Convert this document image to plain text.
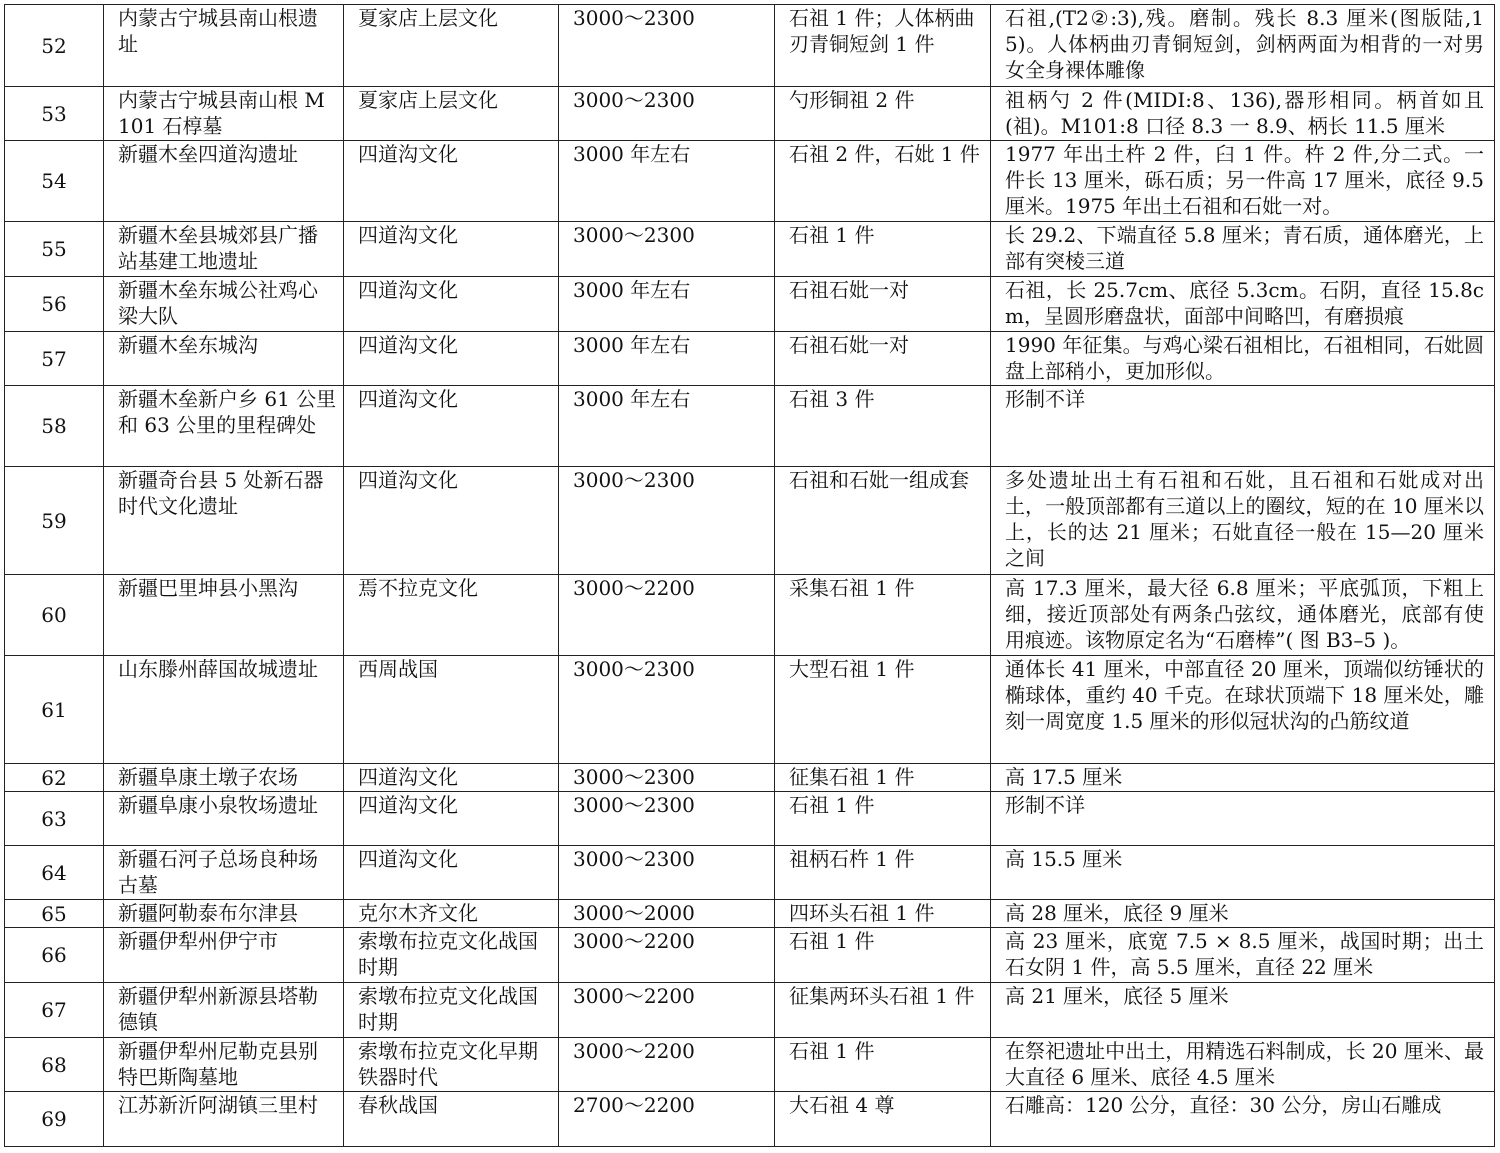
52	内蒙古宁城县南山根遗址	夏家店上层文化	3000～2300	石祖 1 件；人体柄曲刃青铜短剑 1 件	石祖,(T2②:3),残。磨制。残长 8.3 厘米(图版陆,15)。人体柄曲刃青铜短剑，剑柄两面为相背的一对男女全身裸体雕像
53	内蒙古宁城县南山根 M101 石椁墓	夏家店上层文化	3000～2300	勺形铜祖 2 件	祖柄勺 2 件(MIDI:8、136),器形相同。柄首如且(祖)。M101:8 口径 8.3 一 8.9、柄长 11.5 厘米
54	新疆木垒四道沟遗址	四道沟文化	3000 年左右	石祖 2 件，石妣 1 件	1977 年出土杵 2 件，臼 1 件。杵 2 件,分二式。一件长 13 厘米，砾石质；另一件高 17 厘米，底径 9.5 厘米。1975 年出土石祖和石妣一对。
55	新疆木垒县城郊县广播站基建工地遗址	四道沟文化	3000～2300	石祖 1 件	长 29.2、下端直径 5.8 厘米；青石质，通体磨光，上部有突棱三道
56	新疆木垒东城公社鸡心梁大队	四道沟文化	3000 年左右	石祖石妣一对	石祖，长 25.7cm、底径 5.3cm。石阴，直径 15.8cm，呈圆形磨盘状，面部中间略凹，有磨损痕
57	新疆木垒东城沟	四道沟文化	3000 年左右	石祖石妣一对	1990 年征集。与鸡心梁石祖相比，石祖相同，石妣圆盘上部稍小，更加形似。
58	新疆木垒新户乡 61 公里和 63 公里的里程碑处	四道沟文化	3000 年左右	石祖 3 件	形制不详
59	新疆奇台县 5 处新石器时代文化遗址	四道沟文化	3000～2300	石祖和石妣一组成套	多处遗址出土有石祖和石妣，且石祖和石妣成对出土，一般顶部都有三道以上的圈纹，短的在 10 厘米以上，长的达 21 厘米；石妣直径一般在 15—20 厘米之间
60	新疆巴里坤县小黑沟	焉不拉克文化	3000～2200	采集石祖 1 件	高 17.3 厘米，最大径 6.8 厘米；平底弧顶，下粗上细，接近顶部处有两条凸弦纹，通体磨光，底部有使用痕迹。该物原定名为“石磨棒”( 图 B3–5 )。
61	山东滕州薛国故城遗址	西周战国	3000～2300	大型石祖 1 件	通体长 41 厘米，中部直径 20 厘米，顶端似纺锤状的椭球体，重约 40 千克。在球状顶端下 18 厘米处，雕刻一周宽度 1.5 厘米的形似冠状沟的凸筋纹道
62	新疆阜康土墩子农场	四道沟文化	3000～2300	征集石祖 1 件	高 17.5 厘米
63	新疆阜康小泉牧场遗址	四道沟文化	3000～2300	石祖 1 件	形制不详
64	新疆石河子总场良种场古墓	四道沟文化	3000～2300	祖柄石杵 1 件	高 15.5 厘米
65	新疆阿勒泰布尔津县	克尔木齐文化	3000～2000	四环头石祖 1 件	高 28 厘米，底径 9 厘米
66	新疆伊犁州伊宁市	索墩布拉克文化战国时期	3000～2200	石祖 1 件	高 23 厘米，底宽 7.5 × 8.5 厘米，战国时期；出土石女阴 1 件，高 5.5 厘米，直径 22 厘米
67	新疆伊犁州新源县塔勒德镇	索墩布拉克文化战国时期	3000～2200	征集两环头石祖 1 件	高 21 厘米，底径 5 厘米
68	新疆伊犁州尼勒克县别特巴斯陶墓地	索墩布拉克文化早期铁器时代	3000～2200	石祖 1 件	在祭祀遗址中出土，用精选石料制成，长 20 厘米、最大直径 6 厘米、底径 4.5 厘米
69	江苏新沂阿湖镇三里村	春秋战国	2700～2200	大石祖 4 尊	石雕高：120 公分，直径：30 公分，房山石雕成
